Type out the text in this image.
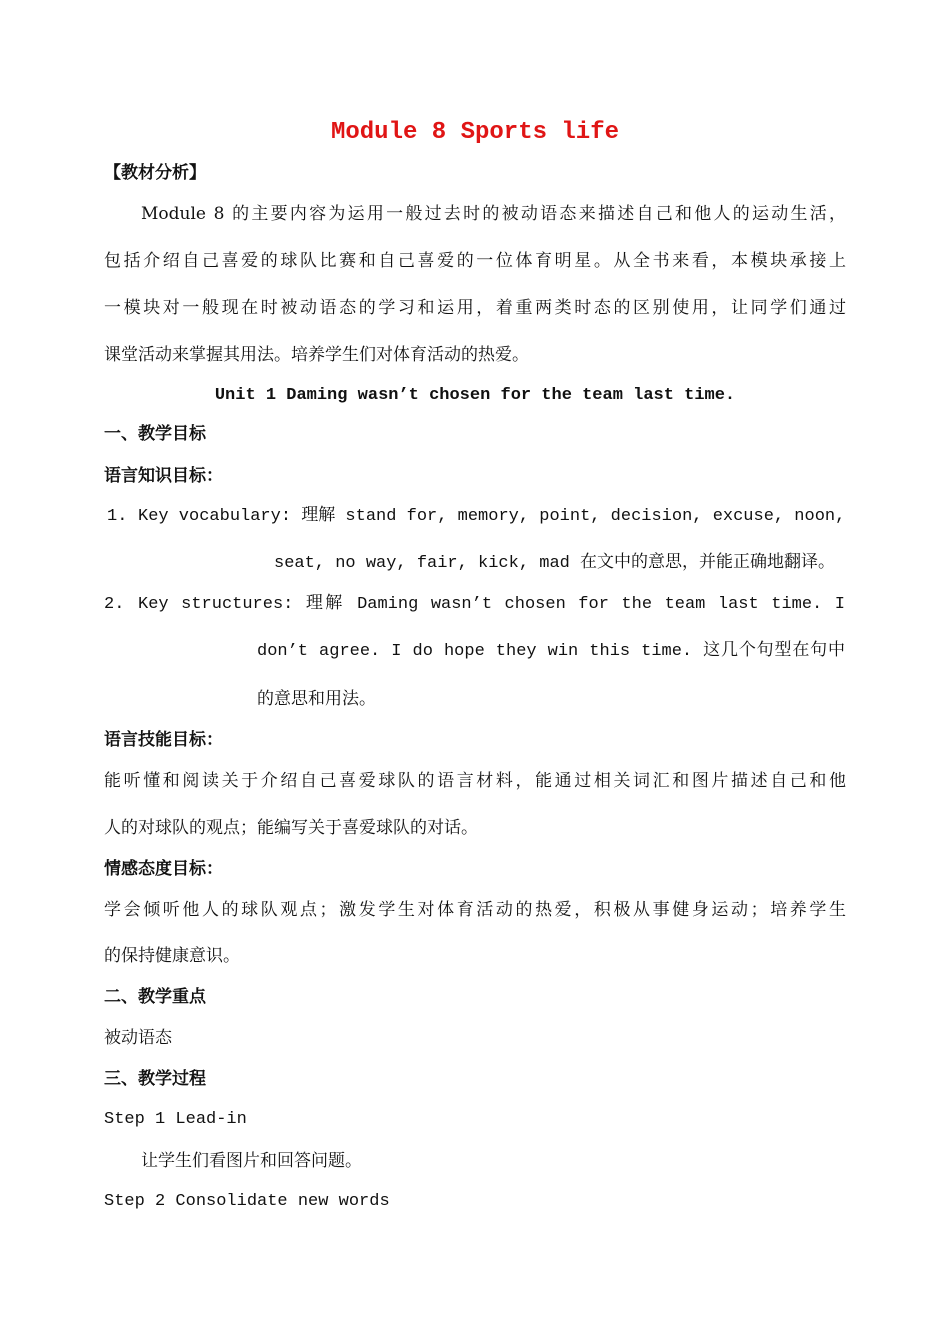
Module 8 Sports life
【教材分析】
Module 8 的主要内容为运用一般过去时的被动语态来描述自己和他人的运动生活，
包括介绍自己喜爱的球队比赛和自己喜爱的一位体育明星。从全书来看，本模块承接上
一模块对一般现在时被动语态的学习和运用，着重两类时态的区别使用，让同学们通过
课堂活动来掌握其用法。培养学生们对体育活动的热爱。
Unit 1 Daming wasn’t chosen for the team last time.
一、教学目标
语言知识目标：
1. Key vocabulary: 理解 stand for, memory, point, decision, excuse, noon,
seat, no way, fair, kick, mad 在文中的意思，并能正确地翻译。
2. Key structures: 理解 Daming wasn’t chosen for the team last time. I
don’t agree. I do hope they win this time. 这几个句型在句中
的意思和用法。
语言技能目标：
能听懂和阅读关于介绍自己喜爱球队的语言材料，能通过相关词汇和图片描述自己和他
人的对球队的观点；能编写关于喜爱球队的对话。
情感态度目标：
学会倾听他人的球队观点；激发学生对体育活动的热爱，积极从事健身运动；培养学生
的保持健康意识。
二、教学重点
被动语态
三、教学过程
Step 1 Lead-in
让学生们看图片和回答问题。
Step 2 Consolidate new words
